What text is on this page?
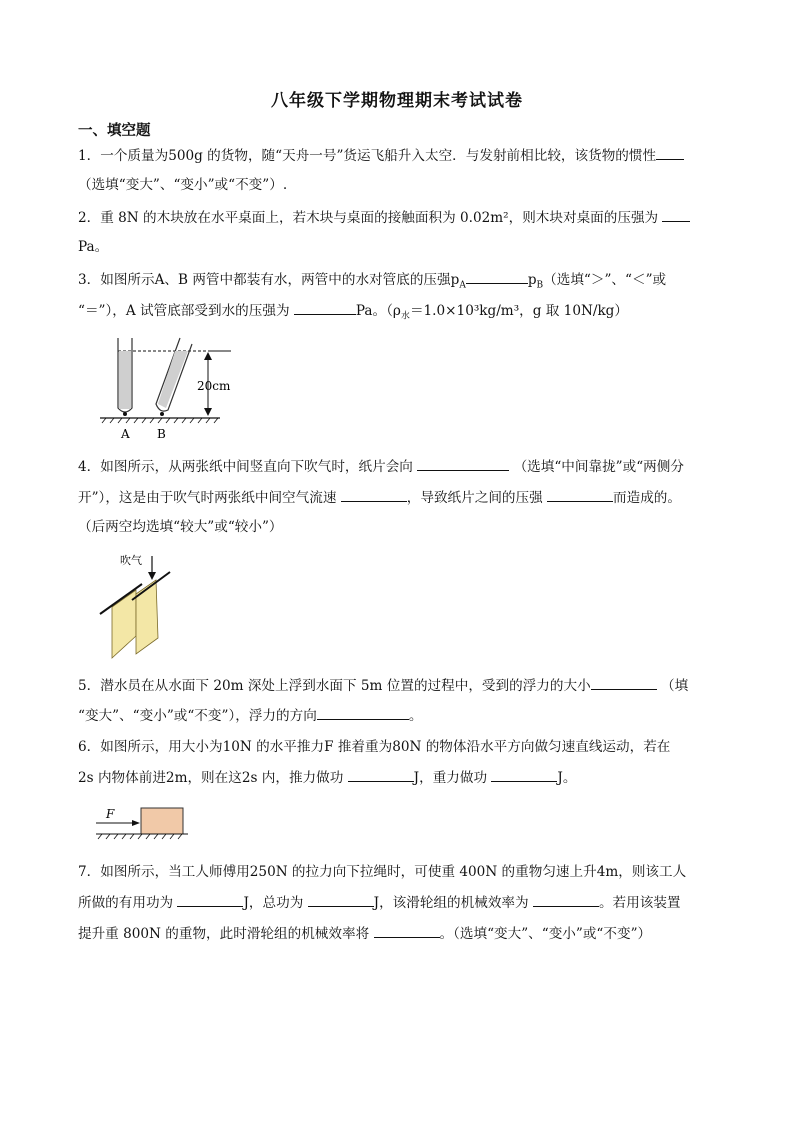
八年级下学期物理期末考试试卷
一、填空题
1．一个质量为500g 的货物，随“天舟一号”货运飞船升入太空．与发射前相比较，该货物的惯性
（选填“变大”、“变小”或“不变”）.
2．重 8N 的木块放在水平桌面上，若木块与桌面的接触面积为 0.02m²，则木块对桌面的压强为
Pa。
3．如图所示A、B 两管中都装有水，两管中的水对管底的压强$p_A$	$p_B$（选填“＞”、“＜”或
“＝”），A 试管底部受到水的压强为	Pa。（$\rho_水=1.0\times 10^3kg/m^3$，g 取 10N/kg）
20cm
A B
4．如图所示，从两张纸中间竖直向下吹气时，纸片会向	（选填“中间靠拢”或“两侧分
开”），这是由于吹气时两张纸中间空气流速	，导致纸片之间的压强	而造成的。
（后两空均选填“较大”或“较小”）
吹气
5．潜水员在从水面下 20m 深处上浮到水面下 5m 位置的过程中，受到的浮力的大小	（填
“变大”、“变小”或“不变”），浮力的方向	。
6．如图所示，用大小为10N 的水平推力F 推着重为80N 的物体沿水平方向做匀速直线运动，若在
2s 内物体前进2m，则在这2s 内，推力做功	J，重力做功	J。
F
7．如图所示，当工人师傅用250N 的拉力向下拉绳时，可使重 400N 的重物匀速上升4m，则该工人
所做的有用功为	J，总功为	J，该滑轮组的机械效率为	。若用该装置
提升重 800N 的重物，此时滑轮组的机械效率将	。（选填“变大”、“变小”或“不变”）
